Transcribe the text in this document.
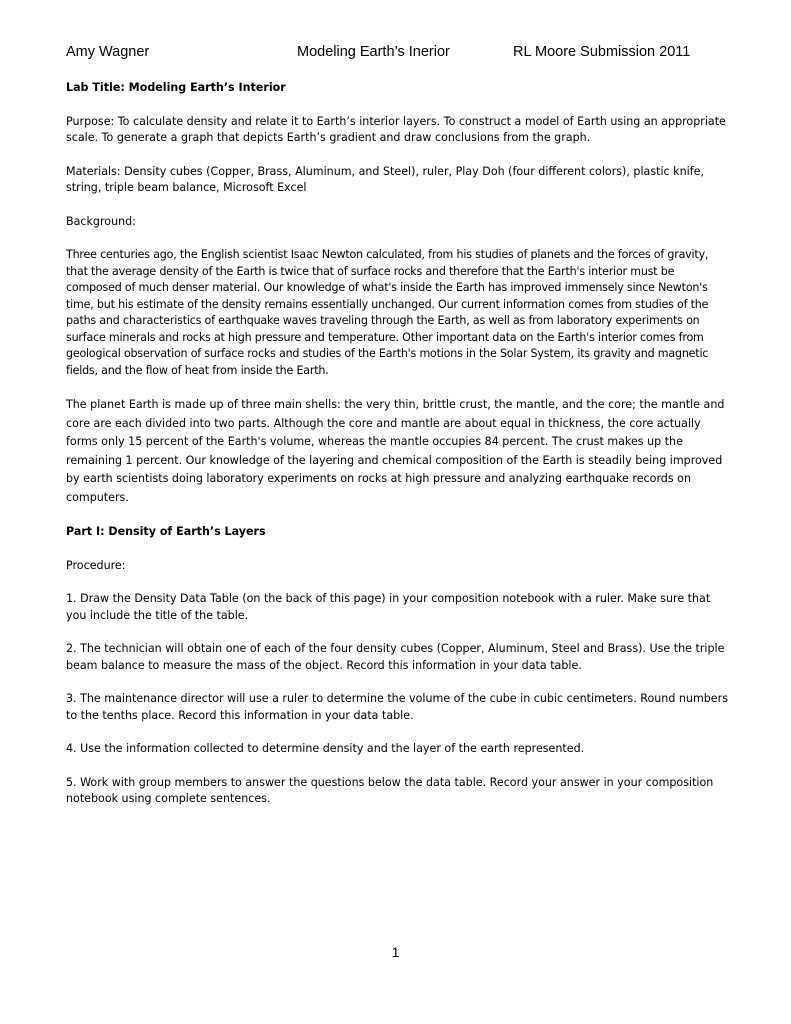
Amy Wagner	Modeling Earth’s Inerior	RL Moore Submission 2011

Lab Title: Modeling Earth’s Interior

Purpose: To calculate density and relate it to Earth’s interior layers. To construct a model of Earth using an appropriate scale. To generate a graph that depicts Earth’s gradient and draw conclusions from the graph.

Materials: Density cubes (Copper, Brass, Aluminum, and Steel), ruler, Play Doh (four different colors), plastic knife, string, triple beam balance, Microsoft Excel

Background:

Three centuries ago, the English scientist Isaac Newton calculated, from his studies of planets and the forces of gravity, that the average density of the Earth is twice that of surface rocks and therefore that the Earth's interior must be composed of much denser material. Our knowledge of what's inside the Earth has improved immensely since Newton's time, but his estimate of the density remains essentially unchanged. Our current information comes from studies of the paths and characteristics of earthquake waves traveling through the Earth, as well as from laboratory experiments on surface minerals and rocks at high pressure and temperature. Other important data on the Earth's interior comes from geological observation of surface rocks and studies of the Earth's motions in the Solar System, its gravity and magnetic fields, and the flow of heat from inside the Earth.

The planet Earth is made up of three main shells: the very thin, brittle crust, the mantle, and the core; the mantle and core are each divided into two parts. Although the core and mantle are about equal in thickness, the core actually forms only 15 percent of the Earth's volume, whereas the mantle occupies 84 percent. The crust makes up the remaining 1 percent. Our knowledge of the layering and chemical composition of the Earth is steadily being improved by earth scientists doing laboratory experiments on rocks at high pressure and analyzing earthquake records on computers.

Part I: Density of Earth’s Layers

Procedure:

1. Draw the Density Data Table (on the back of this page) in your composition notebook with a ruler. Make sure that you include the title of the table.

2. The technician will obtain one of each of the four density cubes (Copper, Aluminum, Steel and Brass). Use the triple beam balance to measure the mass of the object. Record this information in your data table.

3. The maintenance director will use a ruler to determine the volume of the cube in cubic centimeters. Round numbers to the tenths place. Record this information in your data table.

4. Use the information collected to determine density and the layer of the earth represented.

5. Work with group members to answer the questions below the data table. Record your answer in your composition notebook using complete sentences.

1
